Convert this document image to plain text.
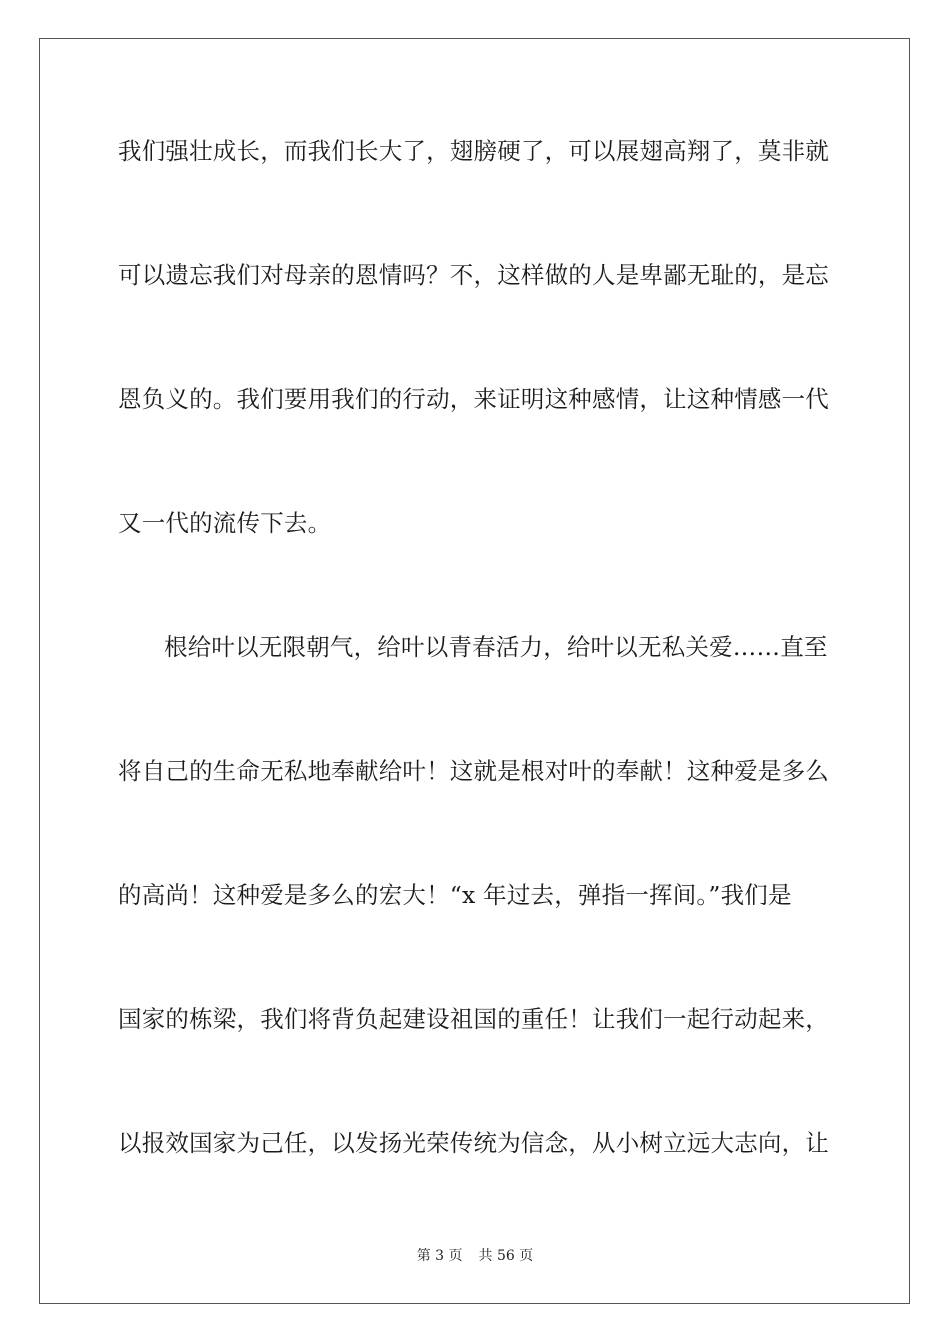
我们强壮成长，而我们长大了，翅膀硬了，可以展翅高翔了，莫非就
可以遗忘我们对母亲的恩情吗？不，这样做的人是卑鄙无耻的，是忘
恩负义的。我们要用我们的行动，来证明这种感情，让这种情感一代
又一代的流传下去。
根给叶以无限朝气，给叶以青春活力，给叶以无私关爱……直至
将自己的生命无私地奉献给叶！这就是根对叶的奉献！这种爱是多么
的高尚！这种爱是多么的宏大！“x 年过去，弹指一挥间。”我们是
国家的栋梁，我们将背负起建设祖国的重任！让我们一起行动起来，
以报效国家为己任，以发扬光荣传统为信念，从小树立远大志向，让
第 3 页 共 56 页
